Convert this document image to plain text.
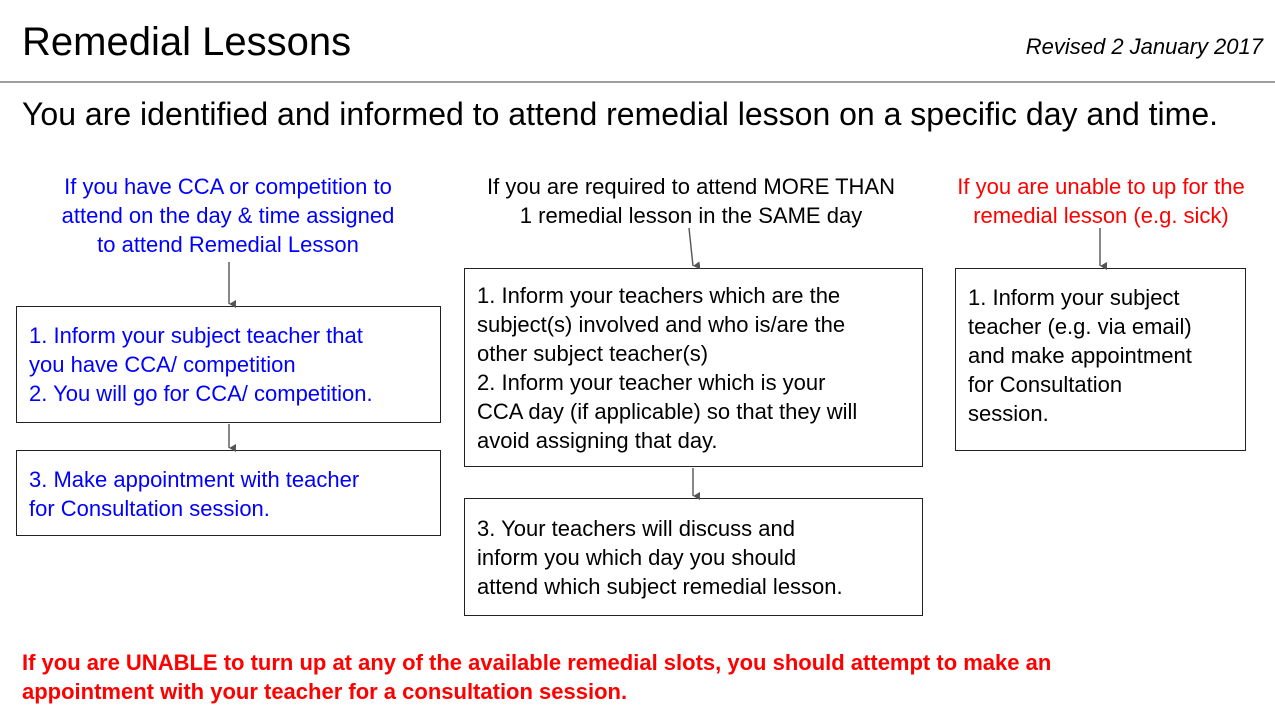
Remedial Lessons	Revised 2 January 2017
You are identified and informed to attend remedial lesson on a specific day and time.
If you have CCA or competition to
attend on the day & time assigned
to attend Remedial Lesson

1. Inform your subject teacher that

you have CCA/ competition

2. You will go for CCA/ competition.

3. Make appointment with teacher

for Consultation session.

If you are required to attend MORE THAN
1 remedial lesson in the SAME day

1. Inform your teachers which are the

subject(s) involved and who is/are the

other subject teacher(s)

2. Inform your teacher which is your

CCA day (if applicable) so that they will

avoid assigning that day.

3. Your teachers will discuss and

inform you which day you should

attend which subject remedial lesson.

If you are unable to up for the
remedial lesson (e.g. sick)

1. Inform your subject

teacher (e.g. via email)

and make appointment

for Consultation

session.

If you are UNABLE to turn up at any of the available remedial slots, you should attempt to make an
appointment with your teacher for a consultation session.
